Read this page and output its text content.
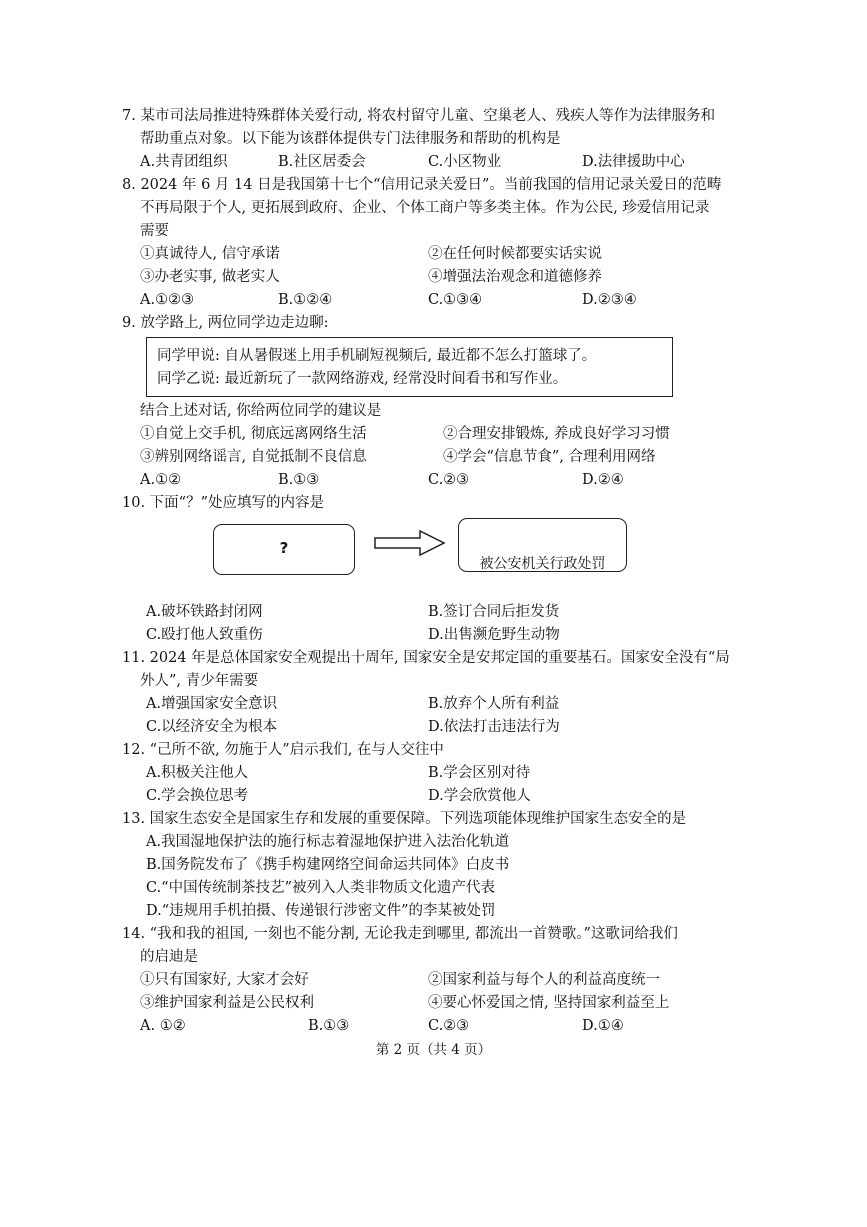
7. 某市司法局推进特殊群体关爱行动, 将农村留守儿童、空巢老人、残疾人等作为法律服务和
帮助重点对象。以下能为该群体提供专门法律服务和帮助的机构是
A.共青团组织	B.社区居委会	C.小区物业	D.法律援助中心
8. 2024 年 6 月 14 日是我国第十七个“信用记录关爱日”。当前我国的信用记录关爱日的范畴
不再局限于个人, 更拓展到政府、企业、个体工商户等多类主体。作为公民, 珍爱信用记录
需要
①真诚待人, 信守承诺	②在任何时候都要实话实说
③办老实事, 做老实人	④增强法治观念和道德修养
A.①②③	B.①②④	C.①③④	D.②③④
9. 放学路上, 两位同学边走边聊:
同学甲说: 自从暑假迷上用手机刷短视频后, 最近都不怎么打篮球了。
同学乙说: 最近新玩了一款网络游戏, 经常没时间看书和写作业。
结合上述对话, 你给两位同学的建议是
①自觉上交手机, 彻底远离网络生活	②合理安排锻炼, 养成良好学习习惯
③辨别网络谣言, 自觉抵制不良信息	④学会“信息节食”, 合理利用网络
A.①②	B.①③	C.②③	D.②④
10. 下面“？”处应填写的内容是
?
被公安机关行政处罚
A.破坏铁路封闭网	B.签订合同后拒发货
C.殴打他人致重伤	D.出售濒危野生动物
11. 2024 年是总体国家安全观提出十周年, 国家安全是安邦定国的重要基石。国家安全没有“局
外人”, 青少年需要
A.增强国家安全意识	B.放弃个人所有利益
C.以经济安全为根本	D.依法打击违法行为
12. “己所不欲, 勿施于人”启示我们, 在与人交往中
A.积极关注他人	B.学会区别对待
C.学会换位思考	D.学会欣赏他人
13. 国家生态安全是国家生存和发展的重要保障。下列选项能体现维护国家生态安全的是
A.我国湿地保护法的施行标志着湿地保护进入法治化轨道
B.国务院发布了《携手构建网络空间命运共同体》白皮书
C.“中国传统制茶技艺”被列入人类非物质文化遗产代表
D.“违规用手机拍摄、传递银行涉密文件”的李某被处罚
14. “我和我的祖国, 一刻也不能分割, 无论我走到哪里, 都流出一首赞歌。”这歌词给我们
的启迪是
①只有国家好, 大家才会好	②国家利益与每个人的利益高度统一
③维护国家利益是公民权利	④要心怀爱国之情, 坚持国家利益至上
A. ①②	B.①③	C.②③	D.①④
第 2 页（共 4 页）
